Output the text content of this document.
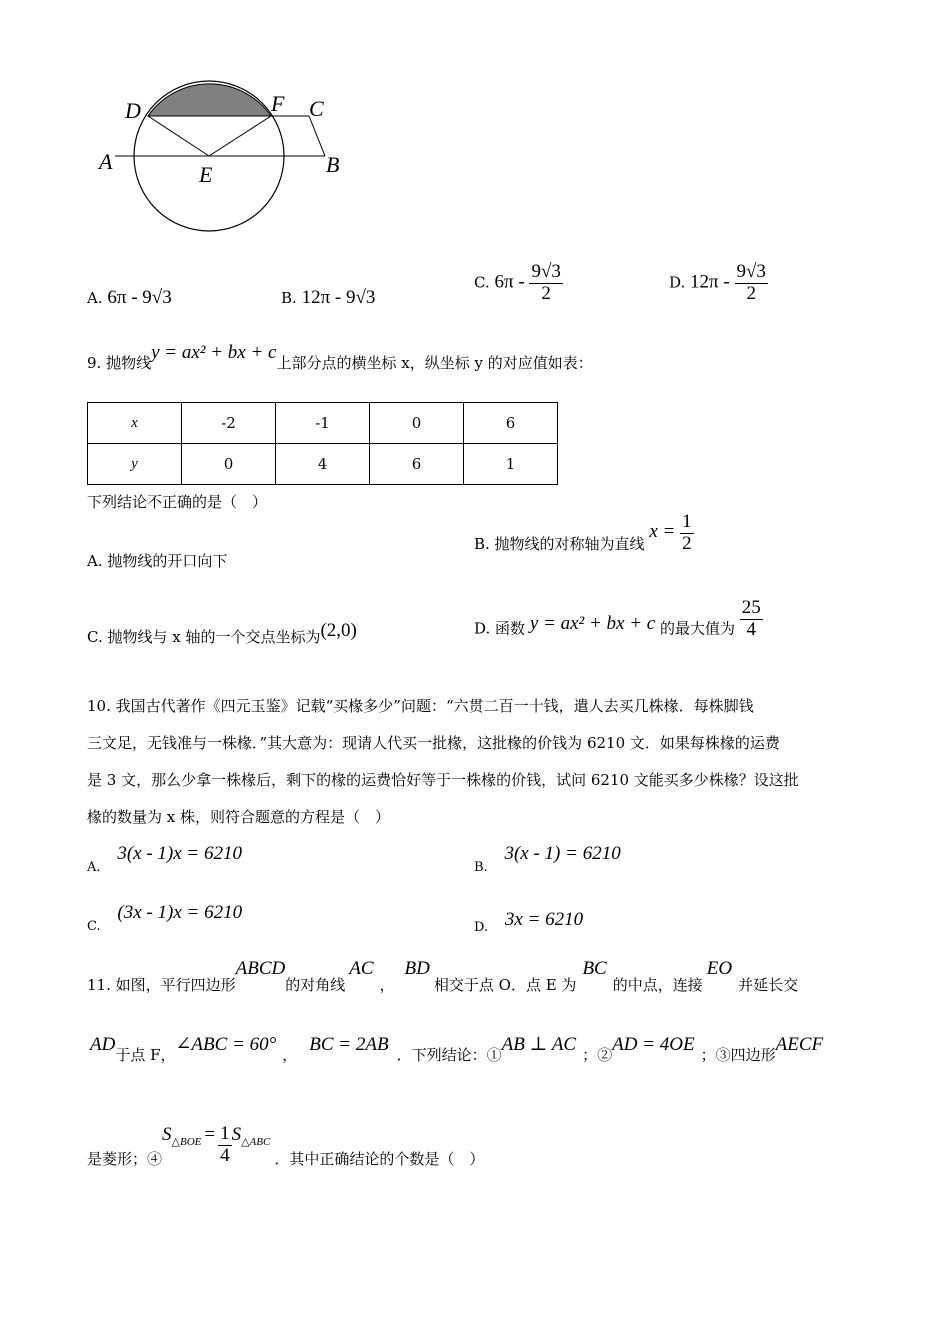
D	F C
A
E	B
A. 6π - 9√3	B. 12π - 9√3
C. $6\pi - \frac{9√3}{2}$	D. $12\pi - \frac{9√3}{2}$
9. 抛物线y = ax² + bx + c上部分点的横坐标 x，纵坐标 y 的对应值如表：
x	-2	-1	0	6
y	0	4	6	1
下列结论不正确的是（　）
A. 抛物线的开口向下
B. 抛物线的对称轴为直线 $x = \frac{1}{2}$
C. 抛物线与 x 轴的一个交点坐标为(2,0)	D. 函数 y = ax² + bx + c 的最大值为 $\frac{25}{4}$
10. 我国古代著作《四元玉鉴》记载“买椽多少”问题：“六贯二百一十钱，遣人去买几株椽．每株脚钱
三文足，无钱准与一株椽．”其大意为：现请人代买一批椽，这批椽的价钱为 6210 文．如果每株椽的运费
是 3 文，那么少拿一株椽后，剩下的椽的运费恰好等于一株椽的价钱，试问 6210 文能买多少株椽？设这批
椽的数量为 x 株，则符合题意的方程是（　）
A. 3(x - 1)x = 6210
B. 3(x - 1) = 6210
C. (3x - 1)x = 6210
D. 3x = 6210
11. 如图，平行四边形ABCD的对角线AC，BD相交于点 O．点 E 为BC的中点，连接EO并延长交
AD于点 F，∠ABC = 60° ， BC = 2AB ．下列结论：①AB ⊥ AC ；②AD = 4OE ；③四边形AECF
是菱形；$④S_{\triangle BOE} = \frac{1}{4} S_{\triangle ABC}$．其中正确结论的个数是（　）
